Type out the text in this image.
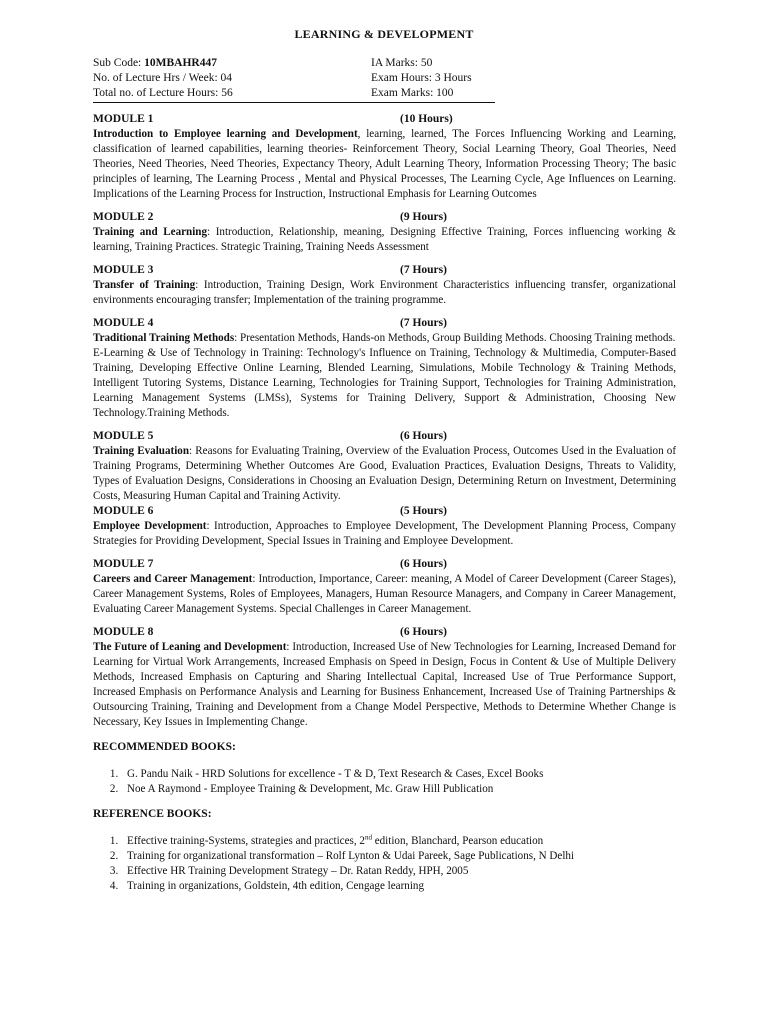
LEARNING & DEVELOPMENT
Sub Code: 10MBAHR447	IA Marks: 50
No. of Lecture Hrs / Week: 04	Exam Hours: 3 Hours
Total no. of Lecture Hours: 56	Exam Marks: 100
MODULE 1	(10 Hours)
Introduction to Employee learning and Development, learning, learned, The Forces Influencing Working and Learning, classification of learned capabilities, learning theories- Reinforcement Theory, Social Learning Theory, Goal Theories, Need Theories, Need Theories, Need Theories, Expectancy Theory, Adult Learning Theory, Information Processing Theory; The basic principles of learning, The Learning Process , Mental and Physical Processes, The Learning Cycle, Age Influences on Learning. Implications of the Learning Process for Instruction, Instructional Emphasis for Learning Outcomes
MODULE 2	(9 Hours)
Training and Learning: Introduction, Relationship, meaning, Designing Effective Training, Forces influencing working & learning, Training Practices. Strategic Training, Training Needs Assessment
MODULE 3	(7 Hours)
Transfer of Training: Introduction, Training Design, Work Environment Characteristics influencing transfer, organizational environments encouraging transfer; Implementation of the training programme.
MODULE 4	(7 Hours)
Traditional Training Methods: Presentation Methods, Hands-on Methods, Group Building Methods. Choosing Training methods.
E-Learning & Use of Technology in Training: Technology's Influence on Training, Technology & Multimedia, Computer-Based Training, Developing Effective Online Learning, Blended Learning, Simulations, Mobile Technology & Training Methods, Intelligent Tutoring Systems, Distance Learning, Technologies for Training Support, Technologies for Training Administration, Learning Management Systems (LMSs), Systems for Training Delivery, Support & Administration, Choosing New Technology.Training Methods.
MODULE 5	(6 Hours)
Training Evaluation: Reasons for Evaluating Training, Overview of the Evaluation Process, Outcomes Used in the Evaluation of Training Programs, Determining Whether Outcomes Are Good, Evaluation Practices, Evaluation Designs, Threats to Validity, Types of Evaluation Designs, Considerations in Choosing an Evaluation Design, Determining Return on Investment, Determining Costs, Measuring Human Capital and Training Activity.
MODULE 6	(5 Hours)
Employee Development: Introduction, Approaches to Employee Development, The Development Planning Process, Company Strategies for Providing Development, Special Issues in Training and Employee Development.
MODULE 7	(6 Hours)
Careers and Career Management: Introduction, Importance, Career: meaning, A Model of Career Development (Career Stages), Career Management Systems, Roles of Employees, Managers, Human Resource Managers, and Company in Career Management, Evaluating Career Management Systems. Special Challenges in Career Management.
MODULE 8	(6 Hours)
The Future of Leaning and Development: Introduction, Increased Use of New Technologies for Learning, Increased Demand for Learning for Virtual Work Arrangements, Increased Emphasis on Speed in Design, Focus in Content & Use of Multiple Delivery Methods, Increased Emphasis on Capturing and Sharing Intellectual Capital, Increased Use of True Performance Support, Increased Emphasis on Performance Analysis and Learning for Business Enhancement, Increased Use of Training Partnerships & Outsourcing Training, Training and Development from a Change Model Perspective, Methods to Determine Whether Change is Necessary, Key Issues in Implementing Change.
RECOMMENDED BOOKS:
1. G. Pandu Naik - HRD Solutions for excellence - T & D, Text Research & Cases, Excel Books
2. Noe A Raymond - Employee Training & Development, Mc. Graw Hill Publication
REFERENCE BOOKS:
1. Effective training-Systems, strategies and practices, 2nd edition, Blanchard, Pearson education
2. Training for organizational transformation – Rolf Lynton & Udai Pareek, Sage Publications, N Delhi
3. Effective HR Training Development Strategy – Dr. Ratan Reddy, HPH, 2005
4. Training in organizations, Goldstein, 4th edition, Cengage learning
